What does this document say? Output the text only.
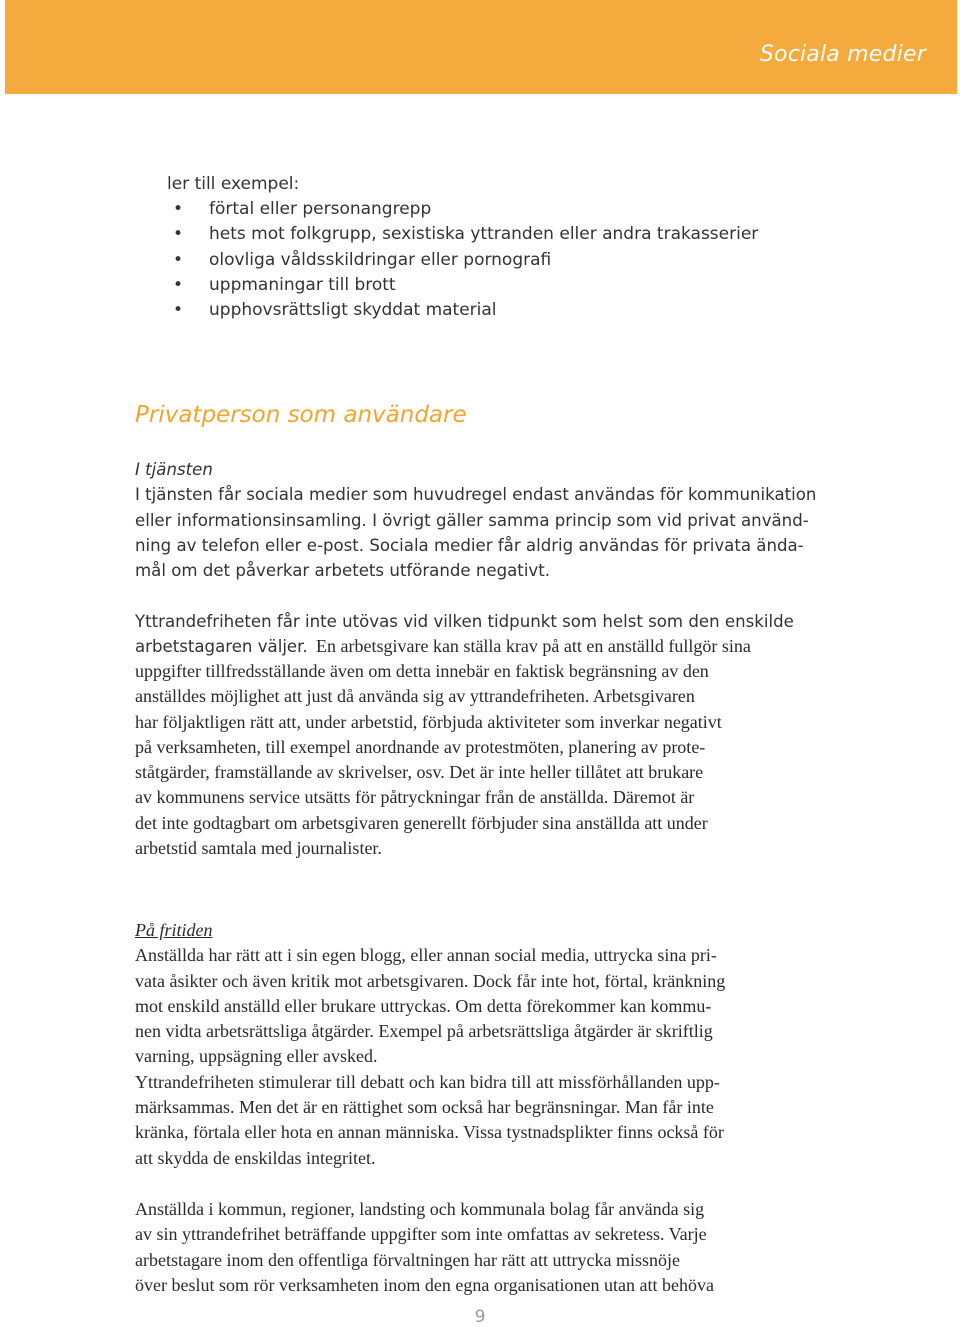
Sociala medier
ler till exempel:
• förtal eller personangrepp
• hets mot folkgrupp, sexistiska yttranden eller andra trakasserier
• olovliga våldsskildringar eller pornografi
• uppmaningar till brott
• upphovsrättsligt skyddat material
Privatperson som användare
I tjänsten
I tjänsten får sociala medier som huvudregel endast användas för kommunikation
eller informationsinsamling. I övrigt gäller samma princip som vid privat använd-
ning av telefon eller e-post. Sociala medier får aldrig användas för privata ända-
mål om det påverkar arbetets utförande negativt.
Yttrandefriheten får inte utövas vid vilken tidpunkt som helst som den enskilde
arbetstagaren väljer. En arbetsgivare kan ställa krav på att en anställd fullgör sina
uppgifter tillfredsställande även om detta innebär en faktisk begränsning av den
anställdes möjlighet att just då använda sig av yttrandefriheten. Arbetsgivaren
har följaktligen rätt att, under arbetstid, förbjuda aktiviteter som inverkar negativt
på verksamheten, till exempel anordnande av protestmöten, planering av prote-
ståtgärder, framställande av skrivelser, osv. Det är inte heller tillåtet att brukare
av kommunens service utsätts för påtryckningar från de anställda. Däremot är
det inte godtagbart om arbetsgivaren generellt förbjuder sina anställda att under
arbetstid samtala med journalister.
På fritiden
Anställda har rätt att i sin egen blogg, eller annan social media, uttrycka sina pri-
vata åsikter och även kritik mot arbetsgivaren. Dock får inte hot, förtal, kränkning
mot enskild anställd eller brukare uttryckas. Om detta förekommer kan kommu-
nen vidta arbetsrättsliga åtgärder. Exempel på arbetsrättsliga åtgärder är skriftlig
varning, uppsägning eller avsked.
Yttrandefriheten stimulerar till debatt och kan bidra till att missförhållanden upp-
märksammas. Men det är en rättighet som också har begränsningar. Man får inte
kränka, förtala eller hota en annan människa. Vissa tystnadsplikter finns också för
att skydda de enskildas integritet.
Anställda i kommun, regioner, landsting och kommunala bolag får använda sig
av sin yttrandefrihet beträffande uppgifter som inte omfattas av sekretess. Varje
arbetstagare inom den offentliga förvaltningen har rätt att uttrycka missnöje
över beslut som rör verksamheten inom den egna organisationen utan att behöva
9
